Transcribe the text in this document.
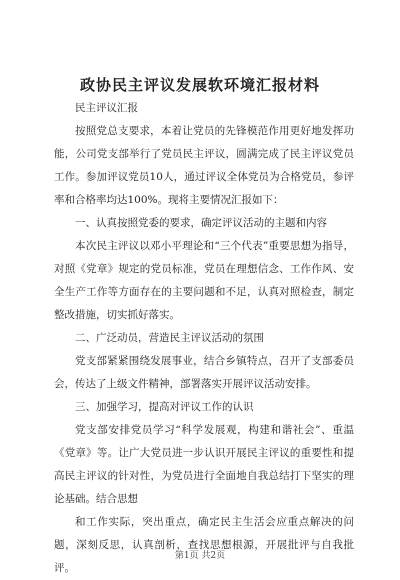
政协民主评议发展软环境汇报材料

民主评议汇报

按照党总支要求，本着让党员的先锋模范作用更好地发挥功能，公司党支部举行了党员民主评议，圆满完成了民主评议党员工作。参加评议党员10人，通过评议全体党员为合格党员，参评率和合格率均达100%。现将主要情况汇报如下：

一、认真按照党委的要求，确定评议活动的主题和内容

本次民主评议以邓小平理论和“三个代表”重要思想为指导，对照《党章》规定的党员标准，党员在理想信念、工作作风、安全生产工作等方面存在的主要问题和不足，认真对照检查，制定整改措施，切实抓好落实。

二、广泛动员，营造民主评议活动的氛围

党支部紧紧围绕发展事业，结合乡镇特点，召开了支部委员会，传达了上级文件精神，部署落实开展评议活动安排。

三、加强学习，提高对评议工作的认识

党支部安排党员学习“科学发展观，构建和谐社会”、重温《党章》等。让广大党员进一步认识开展民主评议的重要性和提高民主评议的针对性，为党员进行全面地自我总结打下坚实的理论基础。结合思想

和工作实际，突出重点，确定民主生活会应重点解决的问题，深刻反思，认真剖析，查找思想根源，开展批评与自我批评。

第1页 共2页
